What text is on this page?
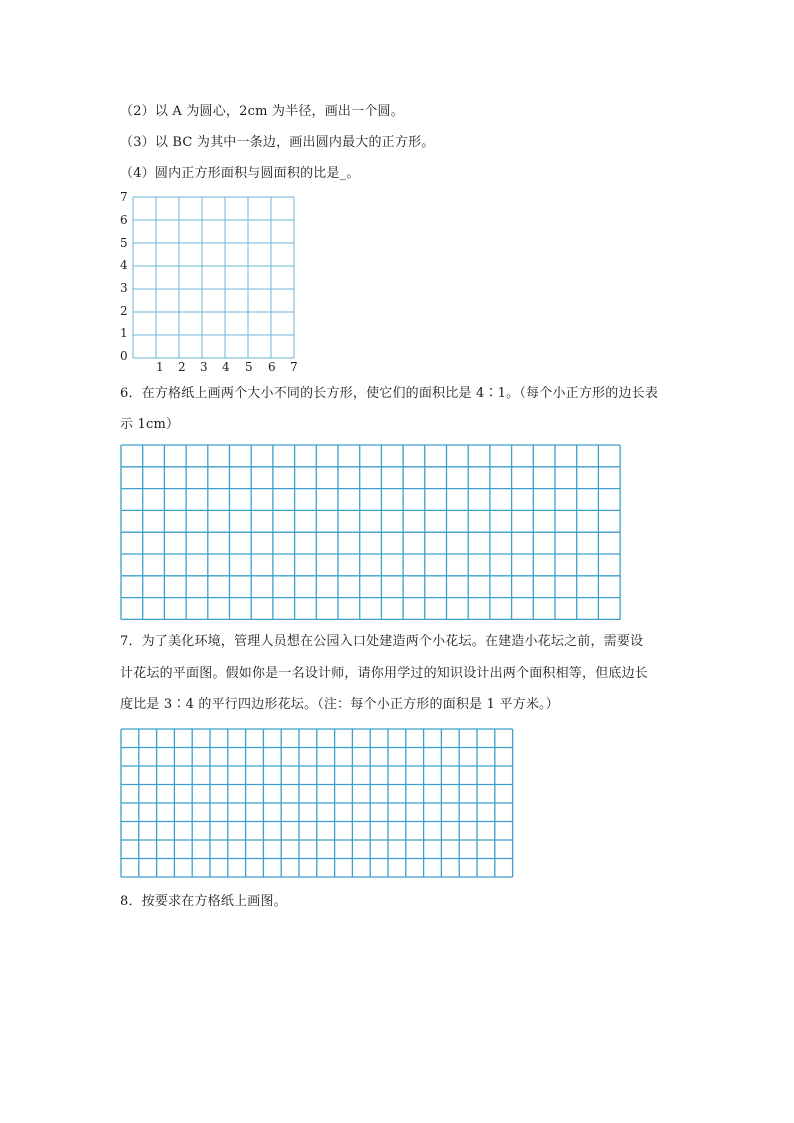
（2）以 A 为圆心，2cm 为半径，画出一个圆。
（3）以 BC 为其中一条边，画出圆内最大的正方形。
（4）圆内正方形面积与圆面积的比是_。
7
6
5
4
3
2
1
0
1 2 3 4 5 6 7
6．在方格纸上画两个大小不同的长方形，使它们的面积比是 4∶1。（每个小正方形的边长表
示 1cm）
7．为了美化环境，管理人员想在公园入口处建造两个小花坛。在建造小花坛之前，需要设
计花坛的平面图。假如你是一名设计师，请你用学过的知识设计出两个面积相等，但底边长
度比是 3∶4 的平行四边形花坛。（注：每个小正方形的面积是 1 平方米。）
8．按要求在方格纸上画图。
